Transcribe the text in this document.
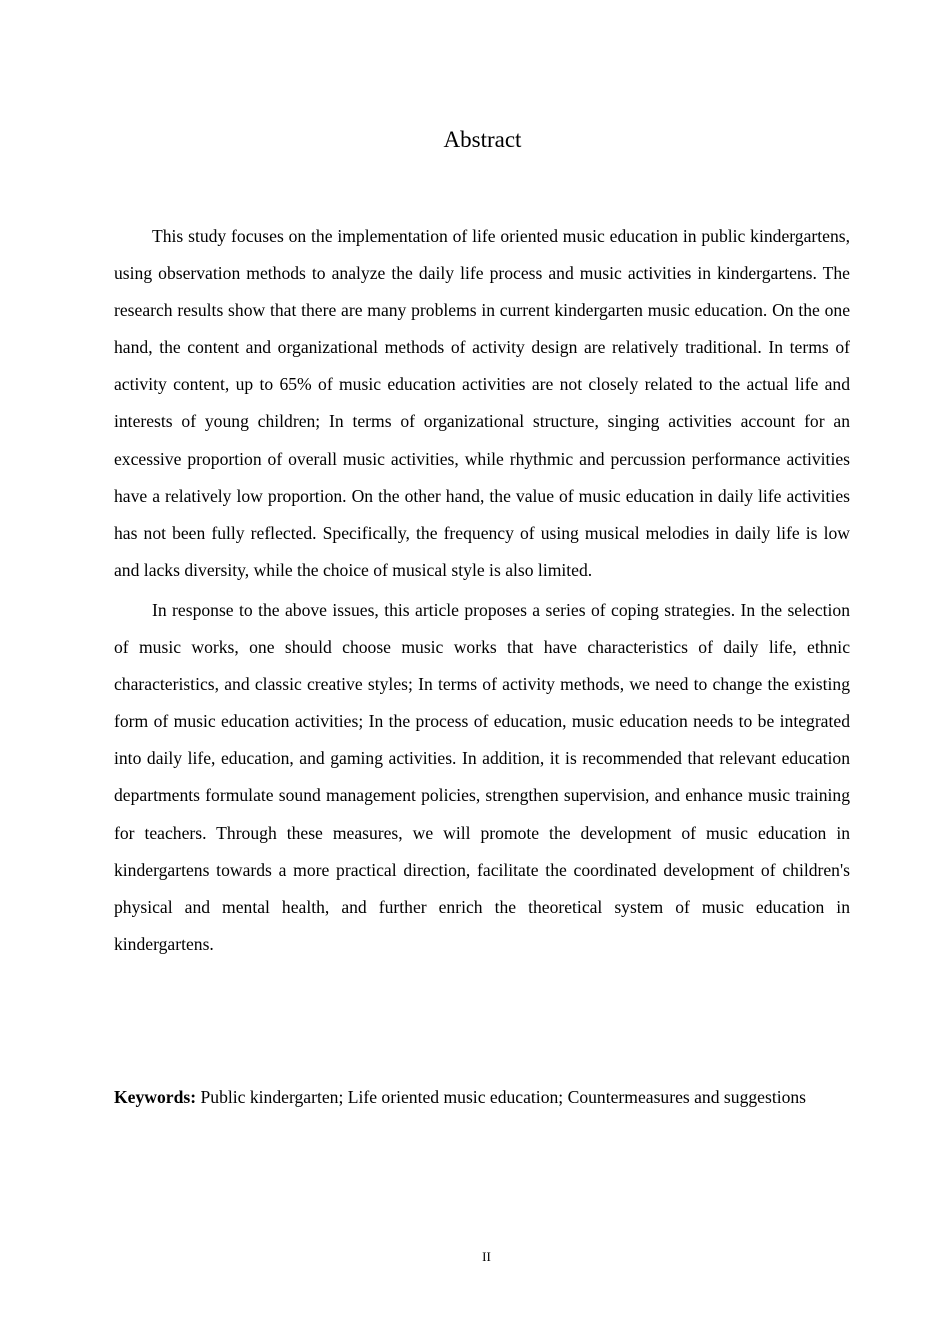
Abstract

This study focuses on the implementation of life oriented music education in public kindergartens, using observation methods to analyze the daily life process and music activities in kindergartens. The research results show that there are many problems in current kindergarten music education. On the one hand, the content and organizational methods of activity design are relatively traditional. In terms of activity content, up to 65% of music education activities are not closely related to the actual life and interests of young children; In terms of organizational structure, singing activities account for an excessive proportion of overall music activities, while rhythmic and percussion performance activities have a relatively low proportion. On the other hand, the value of music education in daily life activities has not been fully reflected. Specifically, the frequency of using musical melodies in daily life is low and lacks diversity, while the choice of musical style is also limited.

In response to the above issues, this article proposes a series of coping strategies. In the selection of music works, one should choose music works that have characteristics of daily life, ethnic characteristics, and classic creative styles; In terms of activity methods, we need to change the existing form of music education activities; In the process of education, music education needs to be integrated into daily life, education, and gaming activities. In addition, it is recommended that relevant education departments formulate sound management policies, strengthen supervision, and enhance music training for teachers. Through these measures, we will promote the development of music education in kindergartens towards a more practical direction, facilitate the coordinated development of children's physical and mental health, and further enrich the theoretical system of music education in kindergartens.

Keywords: Public kindergarten; Life oriented music education; Countermeasures and suggestions

II
